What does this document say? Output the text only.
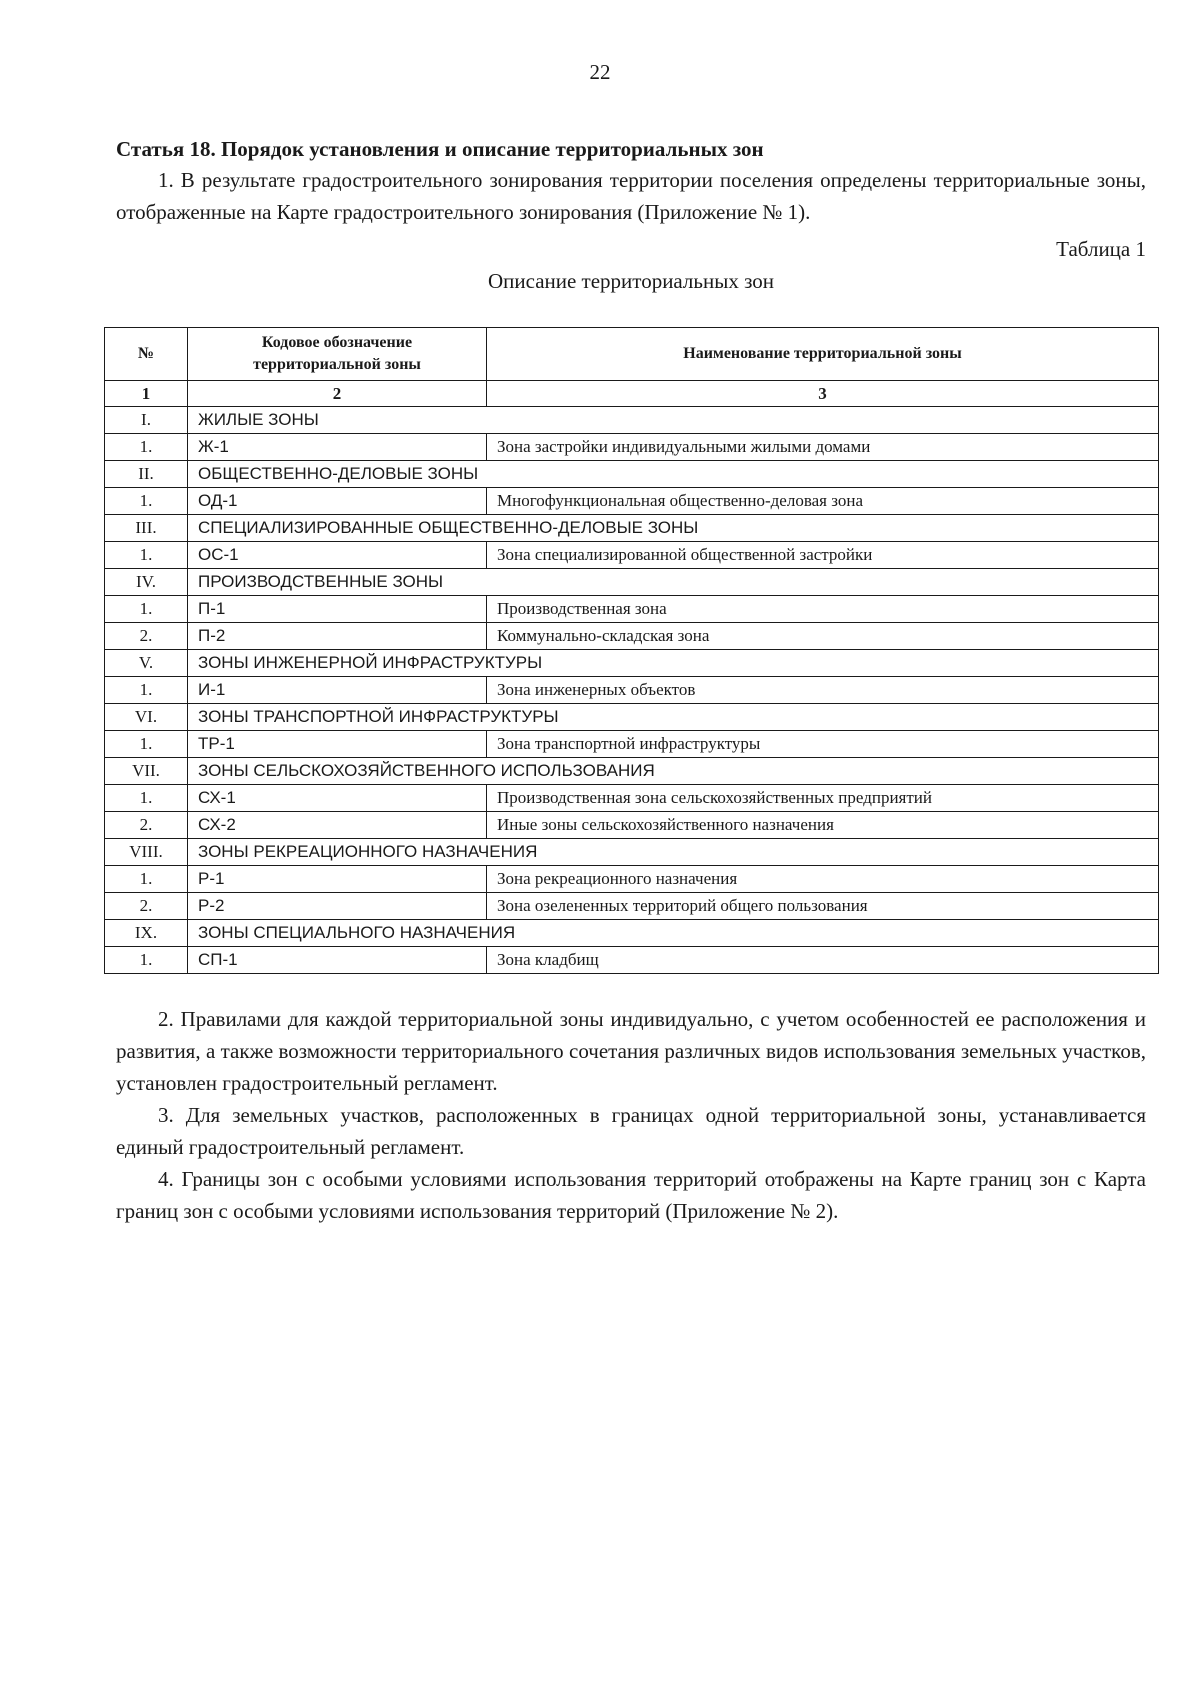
22

Статья 18. Порядок установления и описание территориальных зон

1. В результате градостроительного зонирования территории поселения определены территориальные зоны, отображенные на Карте градостроительного зонирования (Приложение № 1).

Таблица 1
Описание территориальных зон
№	Кодовое обозначение территориальной зоны	Наименование территориальной зоны
1	2	3
I.	ЖИЛЫЕ ЗОНЫ	
1.	Ж-1	Зона застройки индивидуальными жилыми домами
II.	ОБЩЕСТВЕННО-ДЕЛОВЫЕ ЗОНЫ	
1.	ОД-1	Многофункциональная общественно-деловая зона
III.	СПЕЦИАЛИЗИРОВАННЫЕ ОБЩЕСТВЕННО-ДЕЛОВЫЕ ЗОНЫ	
1.	ОС-1	Зона специализированной общественной застройки
IV.	ПРОИЗВОДСТВЕННЫЕ ЗОНЫ	
1.	П-1	Производственная зона
2.	П-2	Коммунально-складская зона
V.	ЗОНЫ ИНЖЕНЕРНОЙ ИНФРАСТРУКТУРЫ	
1.	И-1	Зона инженерных объектов
VI.	ЗОНЫ ТРАНСПОРТНОЙ ИНФРАСТРУКТУРЫ	
1.	ТР-1	Зона транспортной инфраструктуры
VII.	ЗОНЫ СЕЛЬСКОХОЗЯЙСТВЕННОГО ИСПОЛЬЗОВАНИЯ	
1.	СХ-1	Производственная зона сельскохозяйственных предприятий
2.	СХ-2	Иные зоны сельскохозяйственного назначения
VIII.	ЗОНЫ РЕКРЕАЦИОННОГО НАЗНАЧЕНИЯ	
1.	Р-1	Зона рекреационного назначения
2.	Р-2	Зона озелененных территорий общего пользования
IX.	ЗОНЫ СПЕЦИАЛЬНОГО НАЗНАЧЕНИЯ	
1.	СП-1	Зона кладбищ

2. Правилами для каждой территориальной зоны индивидуально, с учетом особенностей ее расположения и развития, а также возможности территориального сочетания различных видов использования земельных участков, установлен градостроительный регламент.

3. Для земельных участков, расположенных в границах одной территориальной зоны, устанавливается единый градостроительный регламент.

4. Границы зон с особыми условиями использования территорий отображены на Карте границ зон с Карта границ зон с особыми условиями использования территорий (Приложение № 2).
